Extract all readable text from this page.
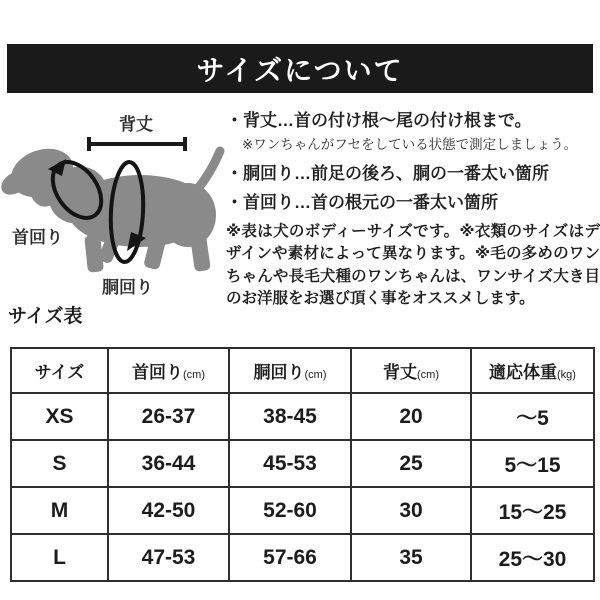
サイズについて
背丈
首回り
胴回り
・背丈…首の付け根～尾の付け根まで。
※ワンちゃんがフセをしている状態で測定しましょう。
・胴回り…前足の後ろ、胴の一番太い箇所
・首回り…首の根元の一番太い箇所
※表は犬のボディーサイズです。※衣類のサイズはデザインや素材によって異なります。※毛の多めのワンちゃんや長毛犬種のワンちゃんは、ワンサイズ大き目のお洋服をお選び頂く事をオススメします。
サイズ表
サイズ	首回り(cm)	胴回り(cm)	背丈(cm)	適応体重(kg)
XS	26-37	38-45	20	～5
S	36-44	45-53	25	5～15
M	42-50	52-60	30	15～25
L	47-53	57-66	35	25～30
